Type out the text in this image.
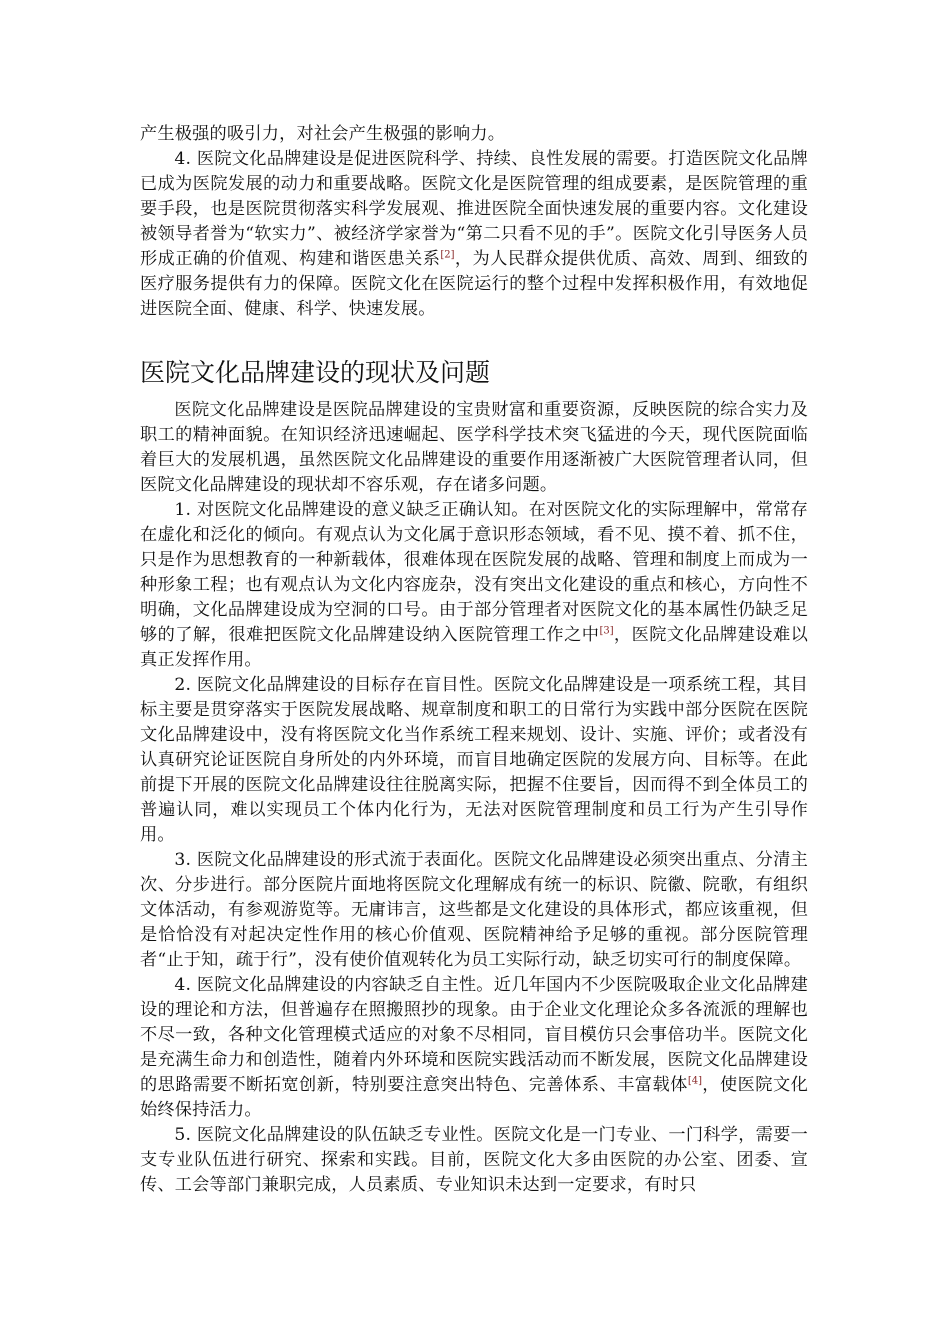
产生极强的吸引力，对社会产生极强的影响力。

4. 医院文化品牌建设是促进医院科学、持续、良性发展的需要。打造医院文化品牌已成为医院发展的动力和重要战略。医院文化是医院管理的组成要素，是医院管理的重要手段，也是医院贯彻落实科学发展观、推进医院全面快速发展的重要内容。文化建设被领导者誉为“软实力”、被经济学家誉为“第二只看不见的手”。医院文化引导医务人员形成正确的价值观、构建和谐医患关系[2]，为人民群众提供优质、高效、周到、细致的医疗服务提供有力的保障。医院文化在医院运行的整个过程中发挥积极作用，有效地促进医院全面、健康、科学、快速发展。

医院文化品牌建设的现状及问题

医院文化品牌建设是医院品牌建设的宝贵财富和重要资源，反映医院的综合实力及职工的精神面貌。在知识经济迅速崛起、医学科学技术突飞猛进的今天，现代医院面临着巨大的发展机遇，虽然医院文化品牌建设的重要作用逐渐被广大医院管理者认同，但医院文化品牌建设的现状却不容乐观，存在诸多问题。

1. 对医院文化品牌建设的意义缺乏正确认知。在对医院文化的实际理解中，常常存在虚化和泛化的倾向。有观点认为文化属于意识形态领域，看不见、摸不着、抓不住，只是作为思想教育的一种新载体，很难体现在医院发展的战略、管理和制度上而成为一种形象工程；也有观点认为文化内容庞杂，没有突出文化建设的重点和核心，方向性不明确，文化品牌建设成为空洞的口号。由于部分管理者对医院文化的基本属性仍缺乏足够的了解，很难把医院文化品牌建设纳入医院管理工作之中[3]，医院文化品牌建设难以真正发挥作用。

2. 医院文化品牌建设的目标存在盲目性。医院文化品牌建设是一项系统工程，其目标主要是贯穿落实于医院发展战略、规章制度和职工的日常行为实践中部分医院在医院文化品牌建设中，没有将医院文化当作系统工程来规划、设计、实施、评价；或者没有认真研究论证医院自身所处的内外环境，而盲目地确定医院的发展方向、目标等。在此前提下开展的医院文化品牌建设往往脱离实际，把握不住要旨，因而得不到全体员工的普遍认同，难以实现员工个体内化行为，无法对医院管理制度和员工行为产生引导作用。

3. 医院文化品牌建设的形式流于表面化。医院文化品牌建设必须突出重点、分清主次、分步进行。部分医院片面地将医院文化理解成有统一的标识、院徽、院歌，有组织文体活动，有参观游览等。无庸讳言，这些都是文化建设的具体形式，都应该重视，但是恰恰没有对起决定性作用的核心价值观、医院精神给予足够的重视。部分医院管理者“止于知，疏于行”，没有使价值观转化为员工实际行动，缺乏切实可行的制度保障。

4. 医院文化品牌建设的内容缺乏自主性。近几年国内不少医院吸取企业文化品牌建设的理论和方法，但普遍存在照搬照抄的现象。由于企业文化理论众多各流派的理解也不尽一致，各种文化管理模式适应的对象不尽相同，盲目模仿只会事倍功半。医院文化是充满生命力和创造性，随着内外环境和医院实践活动而不断发展，医院文化品牌建设的思路需要不断拓宽创新，特别要注意突出特色、完善体系、丰富载体[4]，使医院文化始终保持活力。

5. 医院文化品牌建设的队伍缺乏专业性。医院文化是一门专业、一门科学，需要一支专业队伍进行研究、探索和实践。目前，医院文化大多由医院的办公室、团委、宣传、工会等部门兼职完成，人员素质、专业知识未达到一定要求，有时只
